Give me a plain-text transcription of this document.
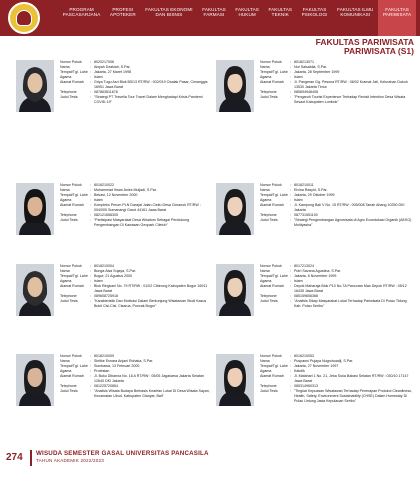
PROGRAM
PASCASARJANA
PROFESI
APOTEKER
FAKULTAS EKONOMI
DAN BISNIS
FAKULTAS
FARMASI
FAKULTAS
HUKUM
FAKULTAS
TEKNIK
FAKULTAS
PSIKOLOGI
FAKULTAS ILMU
KOMUNIKASI
FAKULTAS
PARIWISATA
FAKULTAS PARIWISATA
PARIWISATA (S1)
Nomor Pokok	: 8020217006
Nama	: Aisyah Dzakiah, S.Par.
Tempat/Tgl. Lahir : Jakarta, 27 Maret 1998
Agama	: Islam
Alamat Rumah	: Griya Tugu Asri Blok B5/13 RT/RW : 002/019 Cisalak Pasar, Cimanggis 16951 Jawa Barat
Telephone	: 087863811678
Judul Tesis	: "Strategi PT Travelia Tour Travel Dalam Menghadapi Krisis Pandemi COVID-19"
Nomor Pokok	: 8018213071
Nama	: Nur Salsabila, S.Par.
Tempat/Tgl. Lahir : Jakarta, 28 September 1999
Agama	: Islam
Alamat Rumah	: Jl. Pangeran Gg. Pesona RT/RW : 06/02 Kramat Jati, Kelurahan Dukuh 13530 Jakarta Timur
Telephone	: 085694948408
Judul Tesis	: "Pengaruh Tourist Experience Terhadap Revisit Intention Desa Wisata Sesaot Kabupaten Lombok"
Nomor Pokok	: 8018210022
Nama	: Muhammad Ihsan Anies Muljadi, S.Par.
Tempat/Tgl. Lahir : Bekasi, 12 November 2000
Agama	: Islam
Alamat Rumah	: Kompleks Perum PLN Darajat Jalan Cisitu Desa Cimanuk RT/RW : 004/005 Sumanangi Garut 44161 Jawa Barat
Telephone	: 082121658305
Judul Tesis	: "Partisipasi Masyarakat Desa Wisatum Sebagai Pendukung Pengembangan Di Kawasan Geopark Ciletuh"
Nomor Pokok	: 8018210011
Nama	: Elvina Rasyid, S.Par.
Tempat/Tgl. Lahir : Jakarta, 29 Oktober 1999
Agama	: Islam
Alamat Rumah	: Jl. Kampung Bali V No. 15 RT/RW : 005/008 Tanah Abang 10250 DKI Jakarta
Telephone	: 087731551100
Judul Tesis	: "Strategi Pengembangan Agrowisata di Agro Ecoedukasi Organik (AEKO) Multiyasha"
Nomor Pokok	: 8018210004
Nama	: Bunga Alsa Sujaya, S.Par.
Tempat/Tgl. Lahir : Bogor, 21 Agustus 2000
Agama	: Islam
Alamat Rumah	: Blok Ringkani No. 79 RT/RW : 01/02 Cibinong Kabupaten Bogor 16911 Jawa Barat
Telephone	: 089608725918
Judul Tesis	: "Karakteristik Dan Motivasi Dalam Berkunjung Wisatawan Studi Kasus Bukit Cisi-Cisi, Cisarua, Puncak Bogor"
Nomor Pokok	: 8017213024
Nama	: Putri Savana Agustina, S.Par.
Tempat/Tgl. Lahir : Jakarta, 6 November 1999
Agama	: Islam
Alamat Rumah	: Depok Maharaja Blok P10 No.7A Pancoran Mas Depok RT/RW : 05/12 16435 Jawa Barat
Telephone	: 085159606366
Judul Tesis	: "Analisis Sikap Masyarakat Lokal Terhadap Pariwisata Di Pulau Tidung Kab. Pulau Seribu"
Nomor Pokok	: 8018210009
Nama	: Sintike Esnara Anjani Rohaka, S.Par.
Tempat/Tgl. Lahir : Sumbawa, 13 Februari 2000
Agama	: Protestan
Alamat Rumah	: Jl. Buku Dibanna No. 16 A RT/RW : 05/05 Jagakarsa Jakarta Selatan 12640 DKI Jakarta
Telephone	: 081225720854
Judul Tesis	: "Analisis Wisata Budaya Berbasis Kearifan Lokal Di Desa Wisata Sayan, Kecamatan Ubud, Kabupaten Gianyar, Bali"
Nomor Pokok	: 8016210053
Nama	: Puspanni Pujaya Nugrohoadji, S.Par.
Tempat/Tgl. Lahir : Jakarta, 27 November 1997
Agama	: Katolik
Alamat Rumah	: Jl. Matahari 1 No. 21, Jeka Suka Bakasi Selatan RT/RW : 030/10 17147 Jawa Barat
Telephone	: 085314960313
Judul Tesis	: "Tingkat Kepuasan Wisatawan Terhadap Penerapan Protokol Cleanliness, Health, Safety, Environment Sustainability (CHSE) Dalam Homestay Di Pulau Untung Jawa Kepulauan Seribu"
274 WISUDA SEMESTER GASAL UNIVERSITAS PANCASILA
TAHUN AKADEMIK 2022/2023
